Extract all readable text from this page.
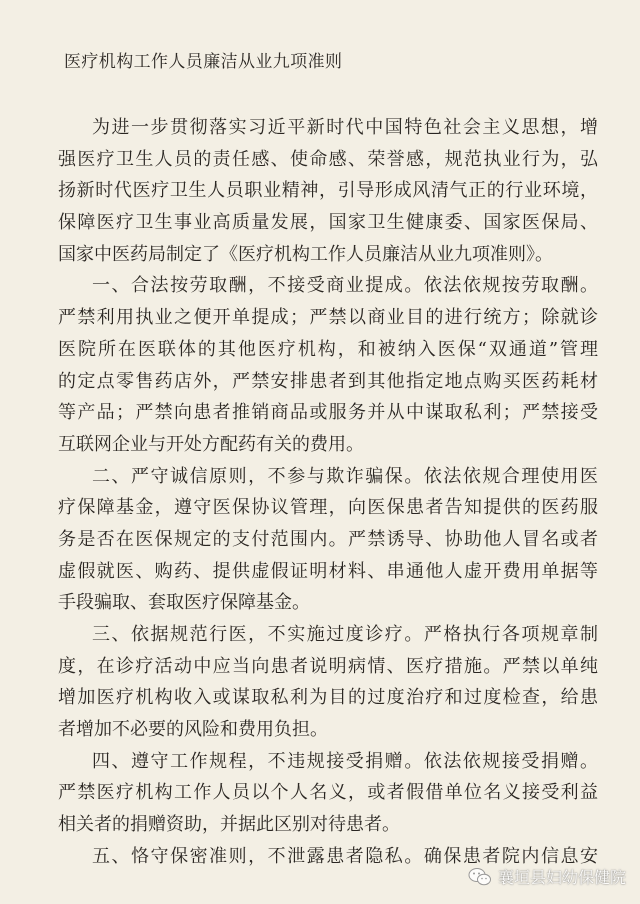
医疗机构工作人员廉洁从业九项准则
为进一步贯彻落实习近平新时代中国特色社会主义思想，增
强医疗卫生人员的责任感、使命感、荣誉感，规范执业行为，弘
扬新时代医疗卫生人员职业精神，引导形成风清气正的行业环境，
保障医疗卫生事业高质量发展，国家卫生健康委、国家医保局、
国家中医药局制定了《医疗机构工作人员廉洁从业九项准则》。
一、合法按劳取酬，不接受商业提成。依法依规按劳取酬。
严禁利用执业之便开单提成；严禁以商业目的进行统方；除就诊
医院所在医联体的其他医疗机构，和被纳入医保“双通道”管理
的定点零售药店外，严禁安排患者到其他指定地点购买医药耗材
等产品；严禁向患者推销商品或服务并从中谋取私利；严禁接受
互联网企业与开处方配药有关的费用。
二、严守诚信原则，不参与欺诈骗保。依法依规合理使用医
疗保障基金，遵守医保协议管理，向医保患者告知提供的医药服
务是否在医保规定的支付范围内。严禁诱导、协助他人冒名或者
虚假就医、购药、提供虚假证明材料、串通他人虚开费用单据等
手段骗取、套取医疗保障基金。
三、依据规范行医，不实施过度诊疗。严格执行各项规章制
度，在诊疗活动中应当向患者说明病情、医疗措施。严禁以单纯
增加医疗机构收入或谋取私利为目的过度治疗和过度检查，给患
者增加不必要的风险和费用负担。
四、遵守工作规程，不违规接受捐赠。依法依规接受捐赠。
严禁医疗机构工作人员以个人名义，或者假借单位名义接受利益
相关者的捐赠资助，并据此区别对待患者。
五、恪守保密准则，不泄露患者隐私。确保患者院内信息安
襄垣县妇幼保健院
